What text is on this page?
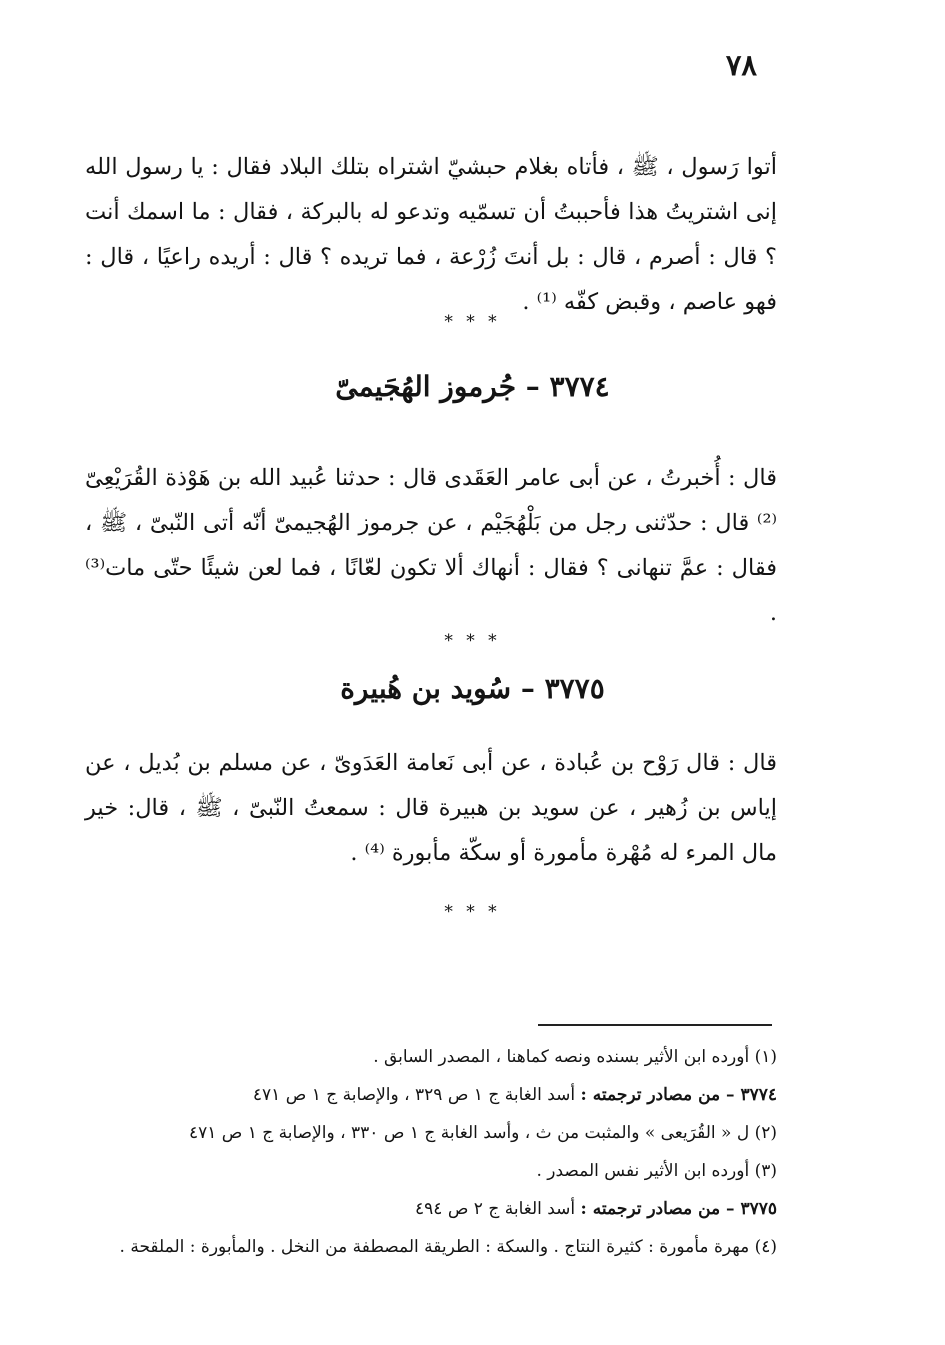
٧٨

أتوا رَسول ، ﷺ ، فأتاه بغلام حبشيّ اشتراه بتلك البلاد فقال : يا رسول الله إنى اشتريتُ هذا فأحببتُ أن تسمّيه وتدعو له بالبركة ، فقال : ما اسمك أنت ؟ قال : أصرم ، قال : بل أنتَ زُرْعة ، فما تريده ؟ قال : أريده راعيًا ، قال : فهو عاصم ، وقبض كفّه ⁽¹⁾ .

* * *
٣٧٧٤ – جُرموز الهُجَيمىّ

قال : أُخبرتُ ، عن أبى عامر العَقَدى قال : حدثنا عُبيد الله بن هَوْذة القُرَيْعِىّ ⁽²⁾ قال : حدّثنى رجل من بَلْهُجَيْم ، عن جرموز الهُجيمىّ أنّه أتى النّبىّ ، ﷺ ، فقال : عمَّ تنهانى ؟ فقال : أنهاك ألا تكون لعّانًا ، فما لعن شيئًا حتّى مات⁽³⁾ .

* * *
٣٧٧٥ – سُويد بن هُبيرة

قال : قال رَوْح بن عُبادة ، عن أبى نَعامة العَدَوىّ ، عن مسلم بن بُديل ، عن إياس بن زُهير ، عن سويد بن هبيرة قال : سمعتُ النّبىّ ، ﷺ ، قال: خير مال المرء له مُهْرة مأمورة أو سكّة مأبورة ⁽⁴⁾ .

* * *
(١) أورده ابن الأثير بسنده ونصه كماهنا ، المصدر السابق .
٣٧٧٤ – من مصادر ترجمته : أسد الغابة ج ١ ص ٣٢٩ ، والإصابة ج ١ ص ٤٧١
(٢) ل « القُرَيعى » والمثبت من ث ، وأسد الغابة ج ١ ص ٣٣٠ ، والإصابة ج ١ ص ٤٧١
(٣) أورده ابن الأثير نفس المصدر .
٣٧٧٥ – من مصادر ترجمته : أسد الغابة ج ٢ ص ٤٩٤
(٤) مهرة مأمورة : كثيرة النتاج . والسكة : الطريقة المصطفة من النخل . والمأبورة : الملقحة .
